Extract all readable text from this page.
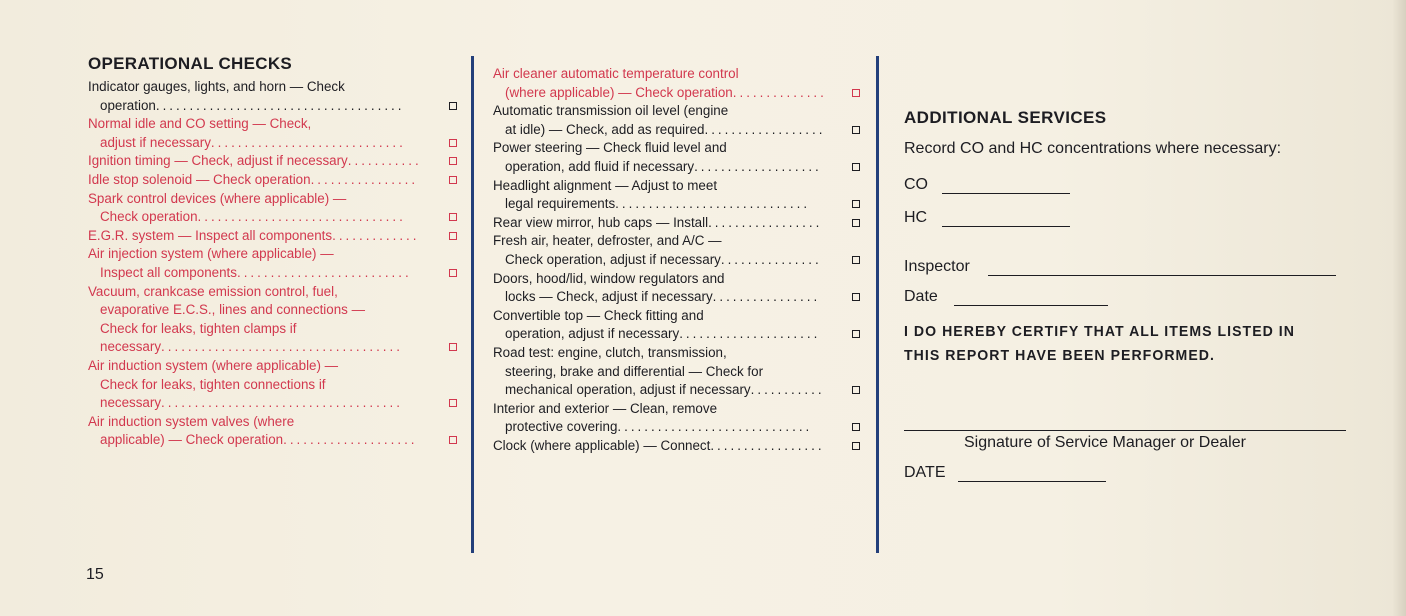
OPERATIONAL CHECKS
Indicator gauges, lights, and horn — Check
operation.....................................
Normal idle and CO setting — Check,
adjust if necessary.............................
Ignition timing — Check, adjust if necessary...........
Idle stop solenoid — Check operation................
Spark control devices (where applicable) —
Check operation...............................
E.G.R. system — Inspect all components.............
Air injection system (where applicable) —
Inspect all components..........................
Vacuum, crankcase emission control, fuel,
evaporative E.C.S., lines and connections —
Check for leaks, tighten clamps if
necessary....................................
Air induction system (where applicable) —
Check for leaks, tighten connections if
necessary....................................
Air induction system valves (where
applicable) — Check operation....................
Air cleaner automatic temperature control
(where applicable) — Check operation..............
Automatic transmission oil level (engine
at idle) — Check, add as required..................
Power steering — Check fluid level and
operation, add fluid if necessary...................
Headlight alignment — Adjust to meet
legal requirements.............................
Rear view mirror, hub caps — Install.................
Fresh air, heater, defroster, and A/C —
Check operation, adjust if necessary...............
Doors, hood/lid, window regulators and
locks — Check, adjust if necessary................
Convertible top — Check fitting and
operation, adjust if necessary.....................
Road test: engine, clutch, transmission,
steering, brake and differential — Check for
mechanical operation, adjust if necessary...........
Interior and exterior — Clean, remove
protective covering.............................
Clock (where applicable) — Connect.................
ADDITIONAL SERVICES
Record CO and HC concentrations where necessary:
CO
HC
Inspector
Date
I DO HEREBY CERTIFY THAT ALL ITEMS LISTED IN THIS REPORT HAVE BEEN PERFORMED.
Signature of Service Manager or Dealer
DATE
15
